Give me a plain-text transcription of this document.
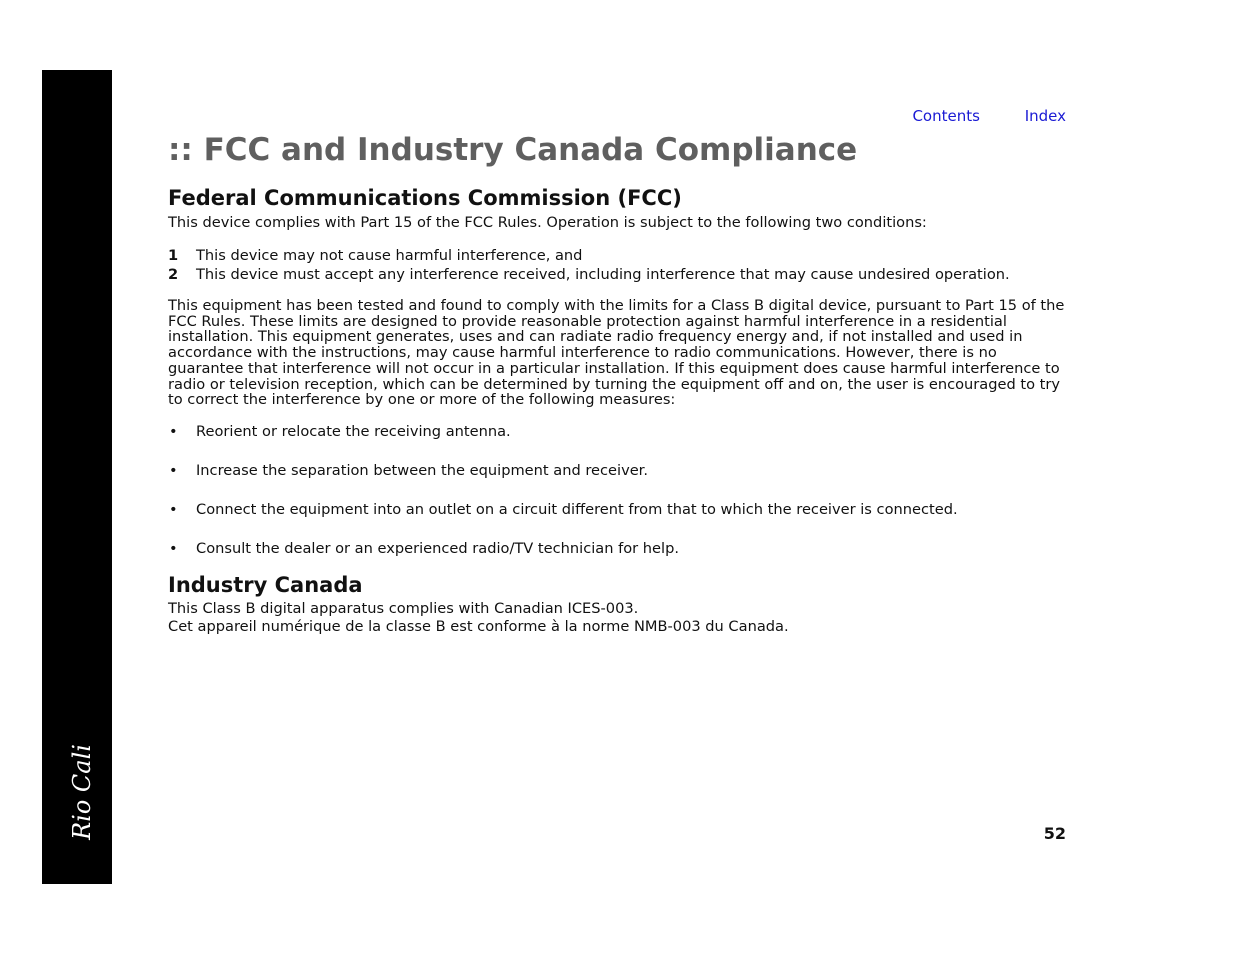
Rio Cali
Contents	Index
:: FCC and Industry Canada Compliance
Federal Communications Commission (FCC)

This device complies with Part 15 of the FCC Rules. Operation is subject to the following two conditions:

1 This device may not cause harmful interference, and
2 This device must accept any interference received, including interference that may cause undesired operation.

This equipment has been tested and found to comply with the limits for a Class B digital device, pursuant to Part 15 of the FCC Rules. These limits are designed to provide reasonable protection against harmful interference in a residential installation. This equipment generates, uses and can radiate radio frequency energy and, if not installed and used in accordance with the instructions, may cause harmful interference to radio communications. However, there is no guarantee that interference will not occur in a particular installation. If this equipment does cause harmful interference to radio or television reception, which can be determined by turning the equipment off and on, the user is encouraged to try to correct the interference by one or more of the following measures:

• Reorient or relocate the receiving antenna.
• Increase the separation between the equipment and receiver.
• Connect the equipment into an outlet on a circuit different from that to which the receiver is connected.
• Consult the dealer or an experienced radio/TV technician for help.
Industry Canada

This Class B digital apparatus complies with Canadian ICES-003.

Cet appareil numérique de la classe B est conforme à la norme NMB-003 du Canada.

52
